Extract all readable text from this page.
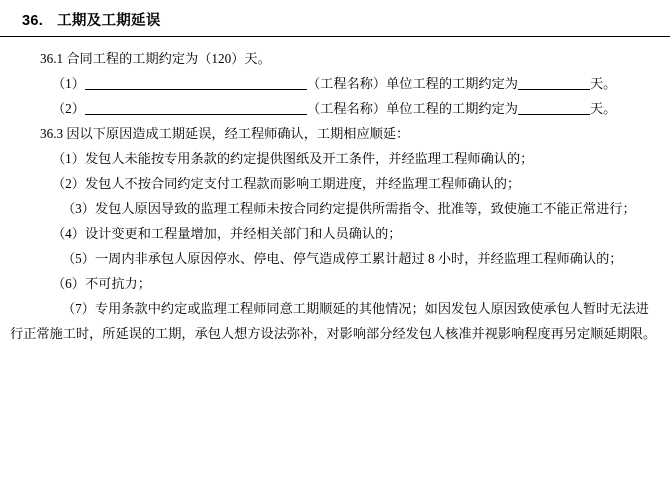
36. 工期及工期延误
36.1 合同工程的工期约定为（120）天。
（1）	（工程名称）单位工程的工期约定为	天。
（2）	（工程名称）单位工程的工期约定为	天。
36.3 因以下原因造成工期延误，经工程师确认，工期相应顺延：
（1）发包人未能按专用条款的约定提供图纸及开工条件，并经监理工程师确认的；
（2）发包人不按合同约定支付工程款而影响工期进度，并经监理工程师确认的；
（3）发包人原因导致的监理工程师未按合同约定提供所需指令、批准等，致使施工不能正常进行；
（4）设计变更和工程量增加，并经相关部门和人员确认的；
（5）一周内非承包人原因停水、停电、停气造成停工累计超过 8 小时，并经监理工程师确认的；
（6）不可抗力；
（7）专用条款中约定或监理工程师同意工期顺延的其他情况；如因发包人原因致使承包人暂时无法进行正常施工时，所延误的工期，承包人想方设法弥补，对影响部分经发包人核准并视影响程度再另定顺延期限。
